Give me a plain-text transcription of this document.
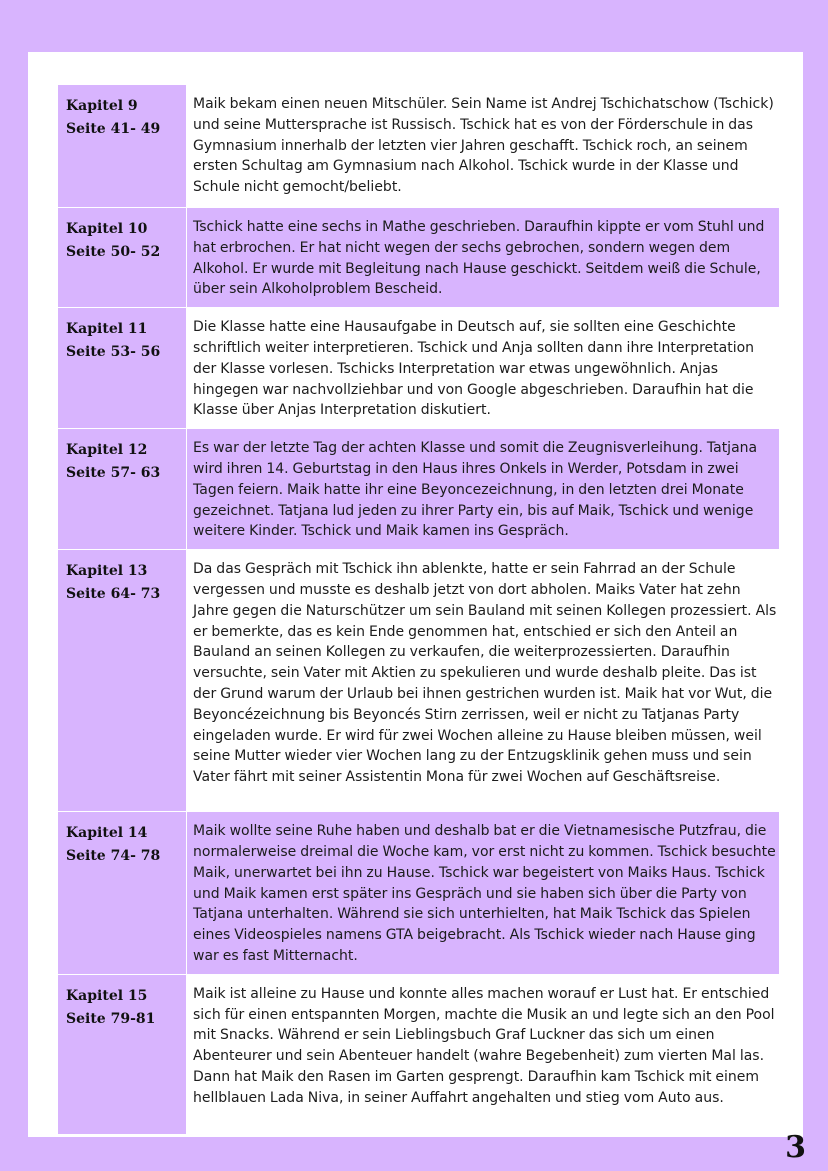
Kapitel 9
Seite 41- 49	Maik bekam einen neuen Mitschüler. Sein Name ist Andrej Tschichatschow (Tschick) und seine Muttersprache ist Russisch. Tschick hat es von der Förderschule in das Gymnasium innerhalb der letzten vier Jahren geschafft. Tschick roch, an seinem ersten Schultag am Gymnasium nach Alkohol. Tschick wurde in der Klasse und Schule nicht gemocht/beliebt.

Kapitel 10
Seite 50- 52	Tschick hatte eine sechs in Mathe geschrieben. Daraufhin kippte er vom Stuhl und hat erbrochen. Er hat nicht wegen der sechs gebrochen, sondern wegen dem Alkohol. Er wurde mit Begleitung nach Hause geschickt. Seitdem weiß die Schule, über sein Alkoholproblem Bescheid.

Kapitel 11
Seite 53- 56	Die Klasse hatte eine Hausaufgabe in Deutsch auf, sie sollten eine Geschichte schriftlich weiter interpretieren. Tschick und Anja sollten dann ihre Interpretation der Klasse vorlesen. Tschicks Interpretation war etwas ungewöhnlich. Anjas hingegen war nachvollziehbar und von Google abgeschrieben. Daraufhin hat die Klasse über Anjas Interpretation diskutiert.

Kapitel 12
Seite 57- 63	Es war der letzte Tag der achten Klasse und somit die Zeugnisverleihung. Tatjana wird ihren 14. Geburtstag in den Haus ihres Onkels in Werder, Potsdam in zwei Tagen feiern. Maik hatte ihr eine Beyoncezeichnung, in den letzten drei Monate gezeichnet. Tatjana lud jeden zu ihrer Party ein, bis auf Maik, Tschick und wenige weitere Kinder. Tschick und Maik kamen ins Gespräch.

Kapitel 13
Seite 64- 73	Da das Gespräch mit Tschick ihn ablenkte, hatte er sein Fahrrad an der Schule vergessen und musste es deshalb jetzt von dort abholen. Maiks Vater hat zehn Jahre gegen die Naturschützer um sein Bauland mit seinen Kollegen prozessiert. Als er bemerkte, das es kein Ende genommen hat, entschied er sich den Anteil an Bauland an seinen Kollegen zu verkaufen, die weiterprozessierten. Daraufhin versuchte, sein Vater mit Aktien zu spekulieren und wurde deshalb pleite. Das ist der Grund warum der Urlaub bei ihnen gestrichen wurden ist. Maik hat vor Wut, die Beyoncézeichnung bis Beyoncés Stirn zerrissen, weil er nicht zu Tatjanas Party eingeladen wurde. Er wird für zwei Wochen alleine zu Hause bleiben müssen, weil seine Mutter wieder vier Wochen lang zu der Entzugsklinik gehen muss und sein Vater fährt mit seiner Assistentin Mona für zwei Wochen auf Geschäftsreise.

Kapitel 14
Seite 74- 78	Maik wollte seine Ruhe haben und deshalb bat er die Vietnamesische Putzfrau, die normalerweise dreimal die Woche kam, vor erst nicht zu kommen. Tschick besuchte Maik, unerwartet bei ihn zu Hause. Tschick war begeistert von Maiks Haus. Tschick und Maik kamen erst später ins Gespräch und sie haben sich über die Party von Tatjana unterhalten. Während sie sich unterhielten, hat Maik Tschick das Spielen eines Videospieles namens GTA beigebracht. Als Tschick wieder nach Hause ging war es fast Mitternacht.

Kapitel 15
Seite 79-81	Maik ist alleine zu Hause und konnte alles machen worauf er Lust hat. Er entschied sich für einen entspannten Morgen, machte die Musik an und legte sich an den Pool mit Snacks. Während er sein Lieblingsbuch Graf Luckner das sich um einen Abenteurer und sein Abenteuer handelt (wahre Begebenheit) zum vierten Mal las. Dann hat Maik den Rasen im Garten gesprengt. Daraufhin kam Tschick mit einem hellblauen Lada Niva, in seiner Auffahrt angehalten und stieg vom Auto aus.
3
